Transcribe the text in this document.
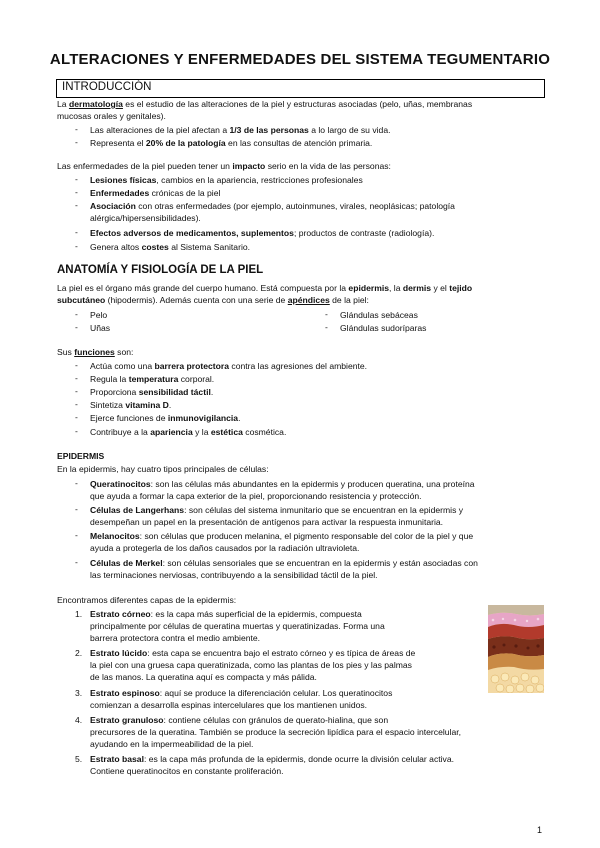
ALTERACIONES Y ENFERMEDADES DEL SISTEMA TEGUMENTARIO
INTRODUCCIÓN
La dermatología es el estudio de las alteraciones de la piel y estructuras asociadas (pelo, uñas, membranas
mucosas orales y genitales).
- Las alteraciones de la piel afectan a 1/3 de las personas a lo largo de su vida.
- Representa el 20% de la patología en las consultas de atención primaria.
Las enfermedades de la piel pueden tener un impacto serio en la vida de las personas:
- Lesiones físicas, cambios en la apariencia, restricciones profesionales
- Enfermedades crónicas de la piel
- Asociación con otras enfermedades (por ejemplo, autoinmunes, virales, neoplásicas; patología
alérgica/hipersensibilidades).
- Efectos adversos de medicamentos, suplementos; productos de contraste (radiología).
- Genera altos costes al Sistema Sanitario.
ANATOMÍA Y FISIOLOGÍA DE LA PIEL
La piel es el órgano más grande del cuerpo humano. Está compuesta por la epidermis, la dermis y el tejido
subcutáneo (hipodermis). Además cuenta con una serie de apéndices de la piel:
- Pelo
- Uñas
- Glándulas sebáceas
- Glándulas sudoríparas
Sus funciones son:
- Actúa como una barrera protectora contra las agresiones del ambiente.
- Regula la temperatura corporal.
- Proporciona sensibilidad táctil.
- Sintetiza vitamina D.
- Ejerce funciones de inmunovigilancia.
- Contribuye a la apariencia y la estética cosmética.
EPIDERMIS
En la epidermis, hay cuatro tipos principales de células:
- Queratinocitos: son las células más abundantes en la epidermis y producen queratina, una proteína
que ayuda a formar la capa exterior de la piel, proporcionando resistencia y protección.
- Células de Langerhans: son células del sistema inmunitario que se encuentran en la epidermis y
desempeñan un papel en la presentación de antígenos para activar la respuesta inmunitaria.
- Melanocitos: son células que producen melanina, el pigmento responsable del color de la piel y que
ayuda a protegerla de los daños causados por la radiación ultravioleta.
- Células de Merkel: son células sensoriales que se encuentran en la epidermis y están asociadas con
las terminaciones nerviosas, contribuyendo a la sensibilidad táctil de la piel.
Encontramos diferentes capas de la epidermis:
1. Estrato córneo: es la capa más superficial de la epidermis, compuesta
principalmente por células de queratina muertas y queratinizadas. Forma una
barrera protectora contra el medio ambiente.
2. Estrato lúcido: esta capa se encuentra bajo el estrato córneo y es típica de áreas de
la piel con una gruesa capa queratinizada, como las plantas de los pies y las palmas
de las manos. La queratina aquí es compacta y más pálida.
3. Estrato espinoso: aquí se produce la diferenciación celular. Los queratinocitos
comienzan a desarrolla espinas intercelulares que los mantienen unidos.
4. Estrato granuloso: contiene células con gránulos de querato-hialina, que son
precursores de la queratina. También se produce la secreción lipídica para el espacio intercelular,
ayudando en la impermeabilidad de la piel.
5. Estrato basal: es la capa más profunda de la epidermis, donde ocurre la división celular activa.
Contiene queratinocitos en constante proliferación.
1
